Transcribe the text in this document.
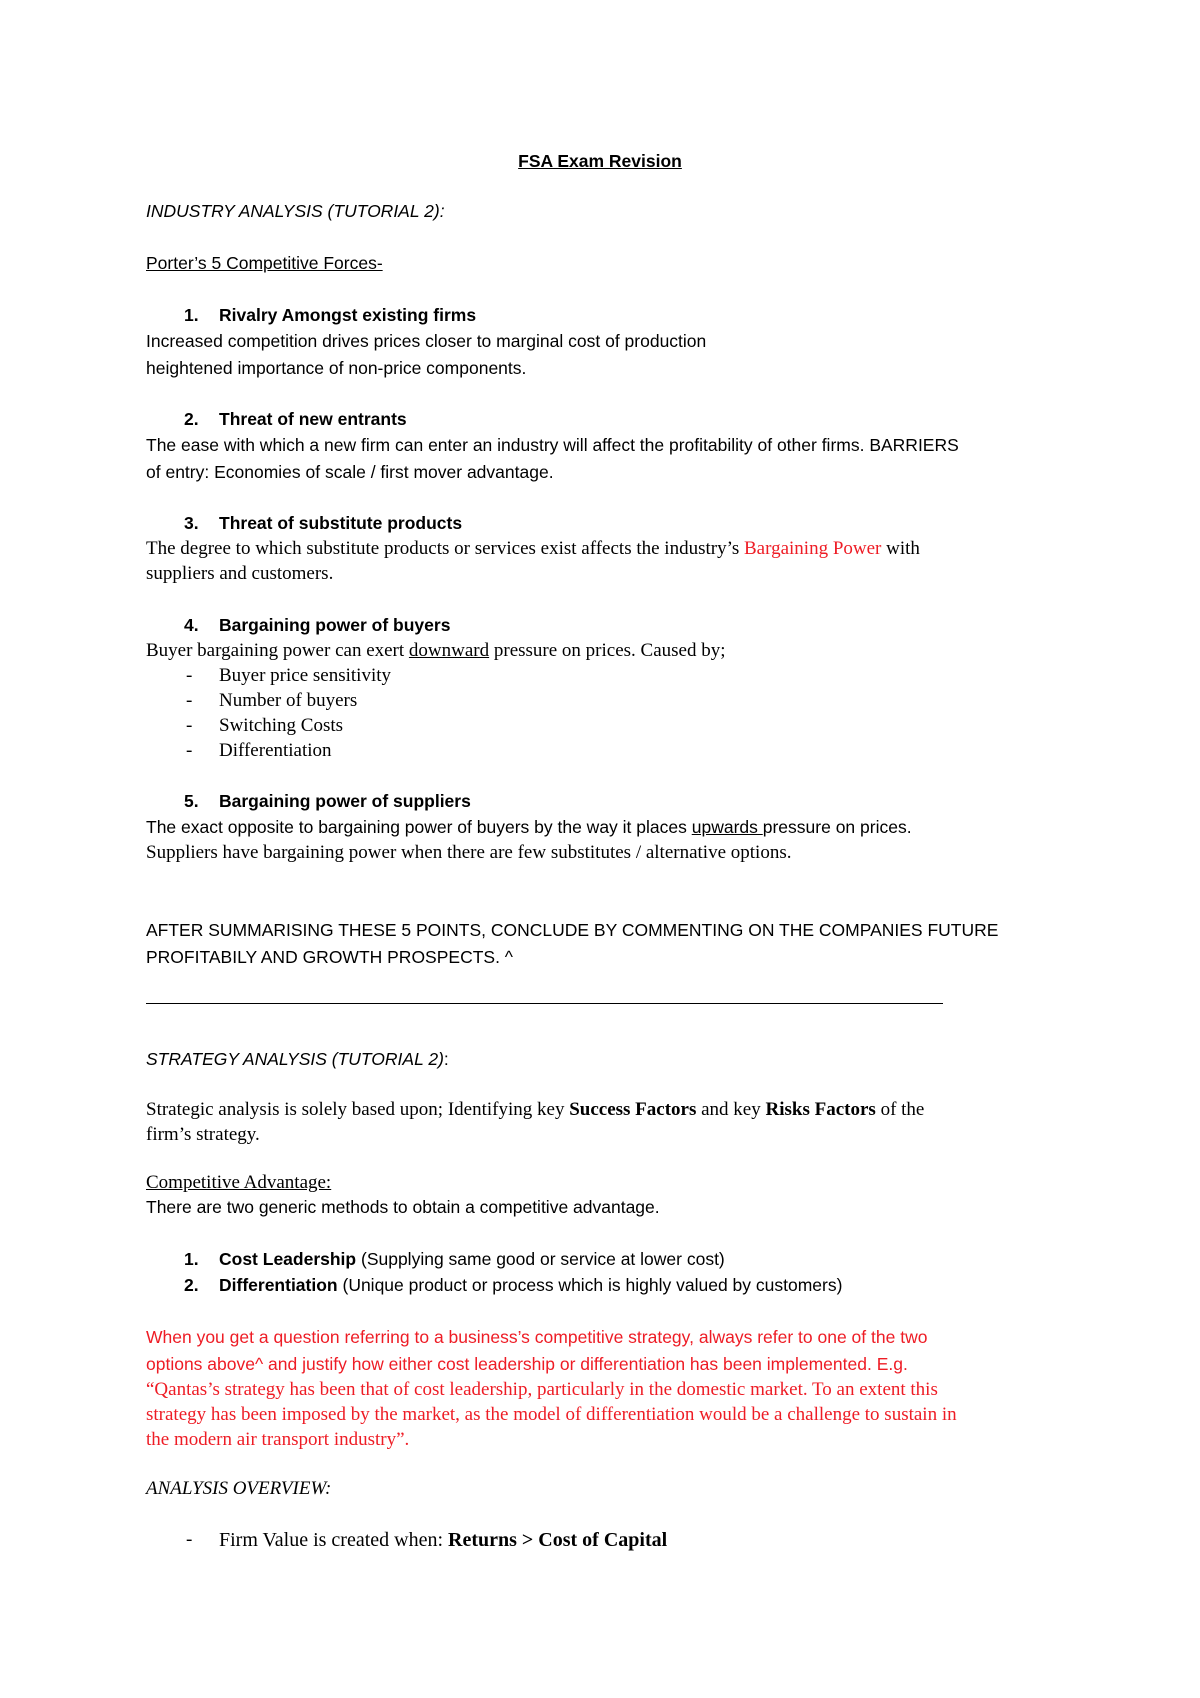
FSA Exam Revision
INDUSTRY ANALYSIS (TUTORIAL 2):
Porter’s 5 Competitive Forces-
1. Rivalry Amongst existing firms
Increased competition drives prices closer to marginal cost of production
heightened importance of non-price components.
2. Threat of new entrants
The ease with which a new firm can enter an industry will affect the profitability of other firms. BARRIERS
of entry: Economies of scale / first mover advantage.
3. Threat of substitute products
The degree to which substitute products or services exist affects the industry’s Bargaining Power with
suppliers and customers.
4. Bargaining power of buyers
Buyer bargaining power can exert downward pressure on prices. Caused by;
- Buyer price sensitivity
- Number of buyers
- Switching Costs
- Differentiation
5. Bargaining power of suppliers
The exact opposite to bargaining power of buyers by the way it places upwards pressure on prices.
Suppliers have bargaining power when there are few substitutes / alternative options.
AFTER SUMMARISING THESE 5 POINTS, CONCLUDE BY COMMENTING ON THE COMPANIES FUTURE
PROFITABILY AND GROWTH PROSPECTS. ^
STRATEGY ANALYSIS (TUTORIAL 2):
Strategic analysis is solely based upon; Identifying key Success Factors and key Risks Factors of the
firm’s strategy.
Competitive Advantage:
There are two generic methods to obtain a competitive advantage.
1. Cost Leadership (Supplying same good or service at lower cost)
2. Differentiation (Unique product or process which is highly valued by customers)
When you get a question referring to a business’s competitive strategy, always refer to one of the two
options above^ and justify how either cost leadership or differentiation has been implemented. E.g.
“Qantas’s strategy has been that of cost leadership, particularly in the domestic market. To an extent this
strategy has been imposed by the market, as the model of differentiation would be a challenge to sustain in
the modern air transport industry”.
ANALYSIS OVERVIEW:
- Firm Value is created when: Returns > Cost of Capital
